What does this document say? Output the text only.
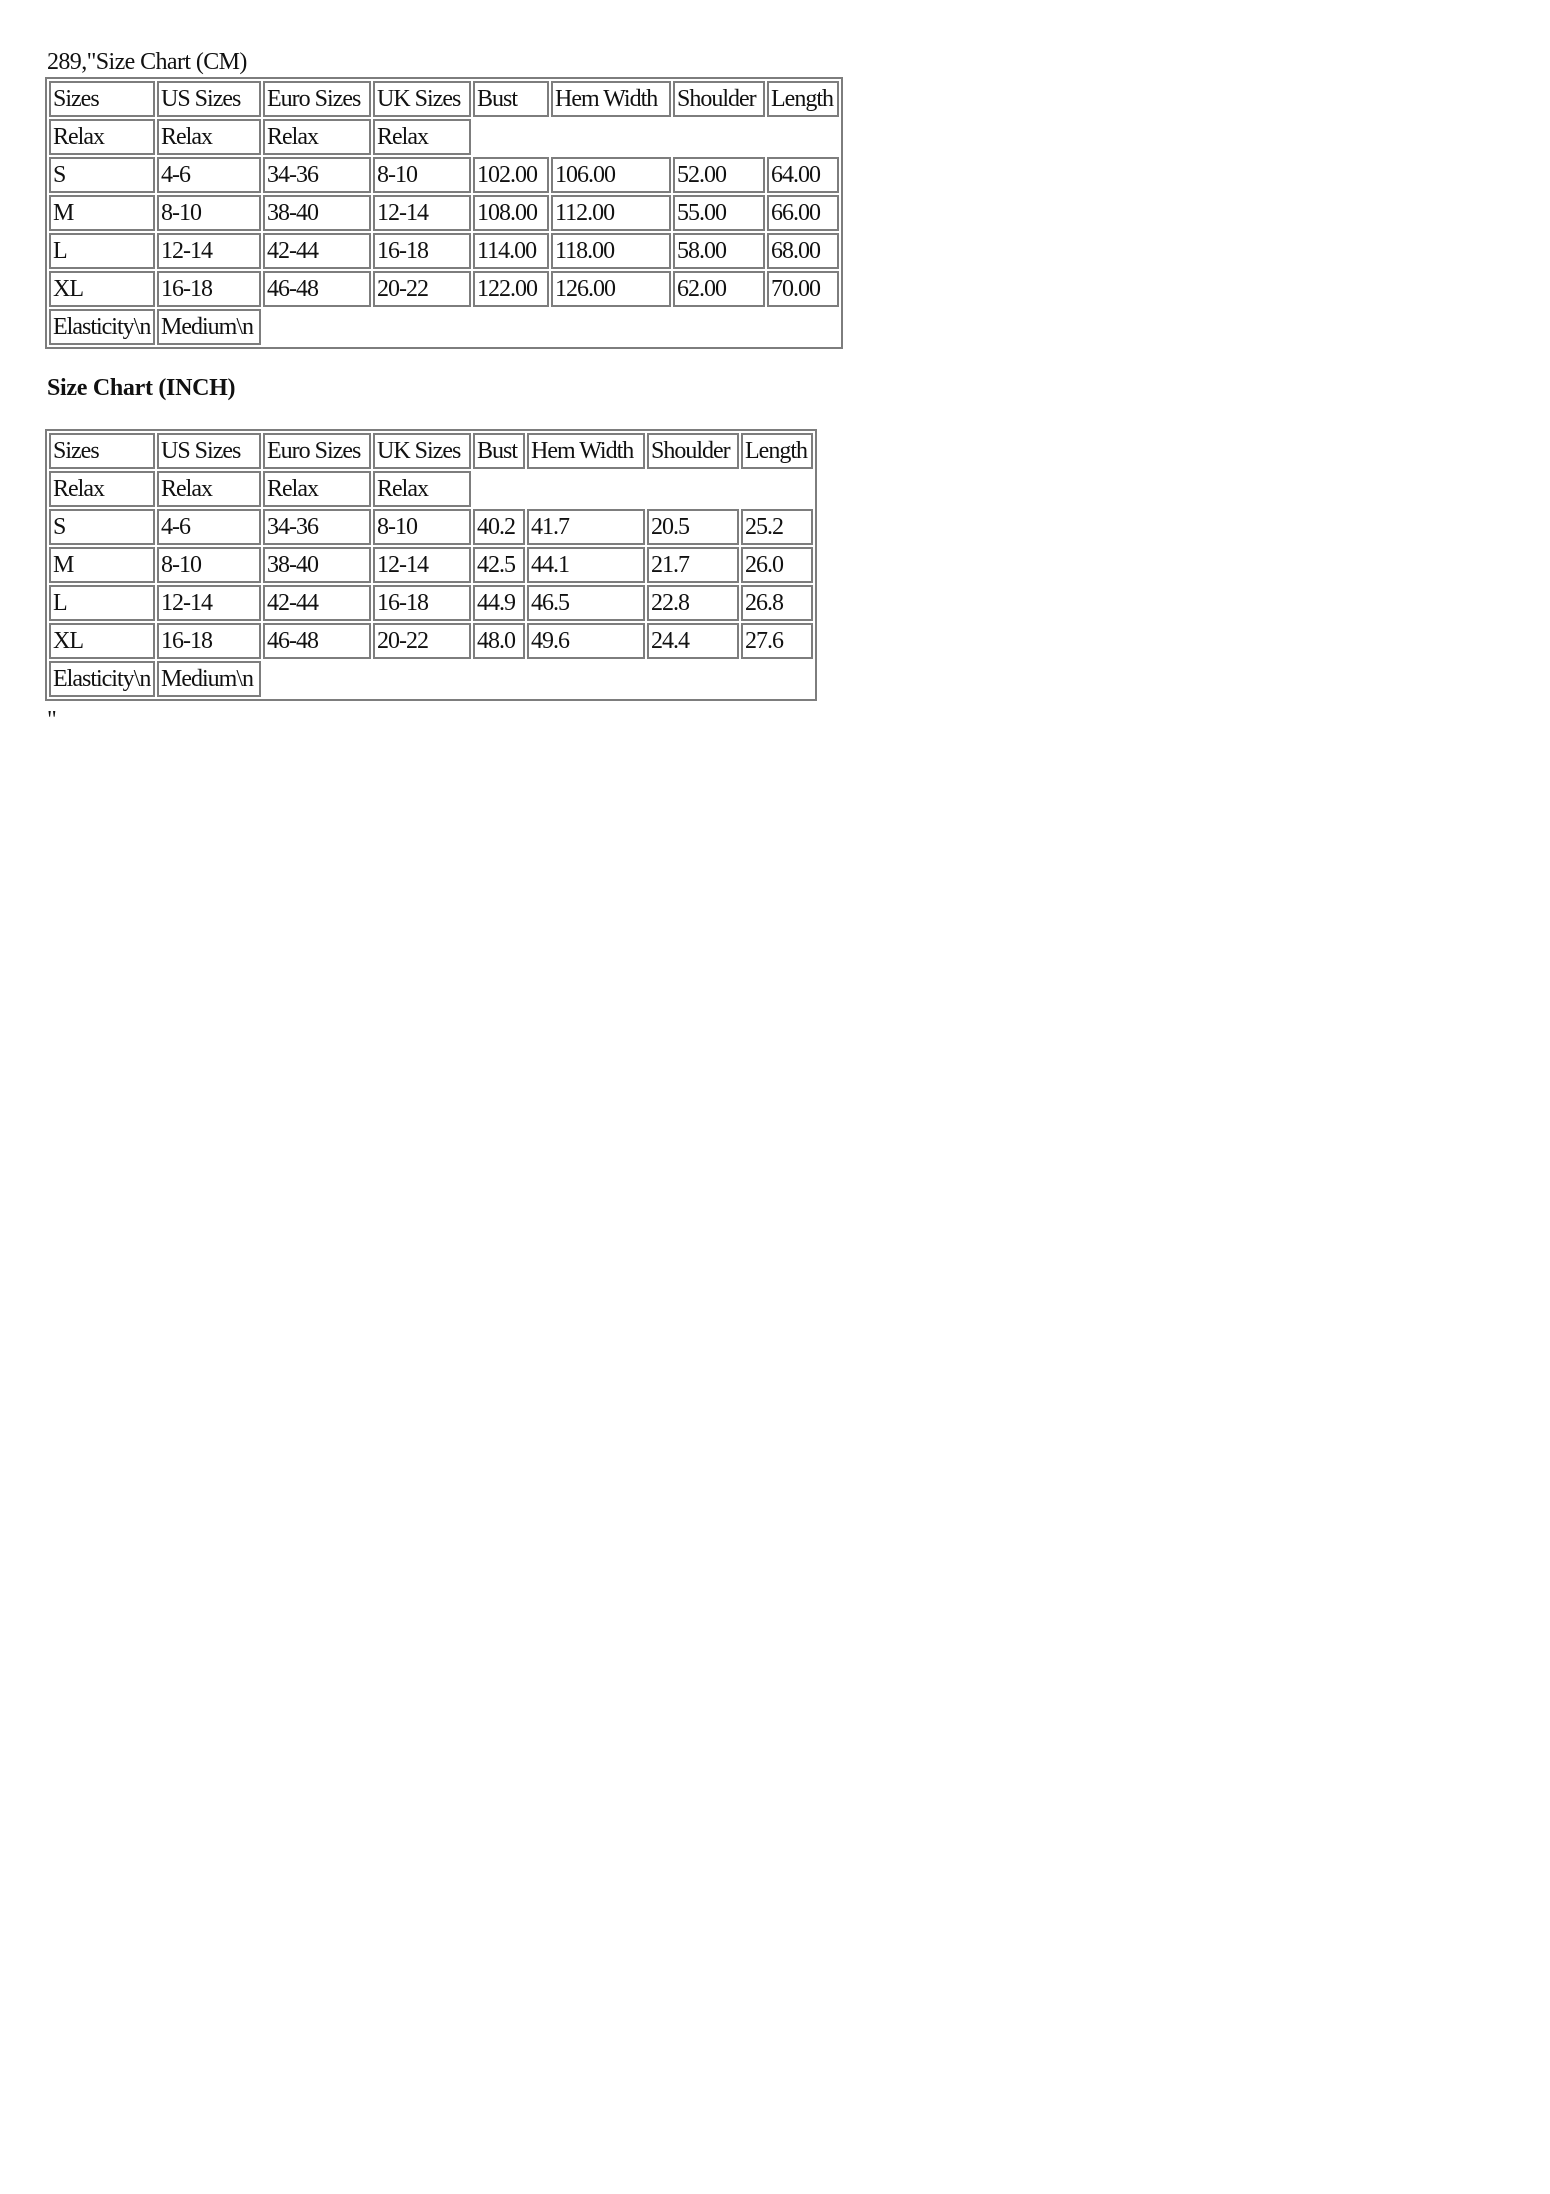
289,"Size Chart (CM)
Sizes	US Sizes	Euro Sizes	UK Sizes	Bust	Hem Width	Shoulder	Length
Relax	Relax	Relax	Relax				
S	4-6	34-36	8-10	102.00	106.00	52.00	64.00
M	8-10	38-40	12-14	108.00	112.00	55.00	66.00
L	12-14	42-44	16-18	114.00	118.00	58.00	68.00
XL	16-18	46-48	20-22	122.00	126.00	62.00	70.00
Elasticity\n	Medium\n						
Size Chart (INCH)
Sizes	US Sizes	Euro Sizes	UK Sizes	Bust	Hem Width	Shoulder	Length
Relax	Relax	Relax	Relax				
S	4-6	34-36	8-10	40.2	41.7	20.5	25.2
M	8-10	38-40	12-14	42.5	44.1	21.7	26.0
L	12-14	42-44	16-18	44.9	46.5	22.8	26.8
XL	16-18	46-48	20-22	48.0	49.6	24.4	27.6
Elasticity\n	Medium\n						
"
